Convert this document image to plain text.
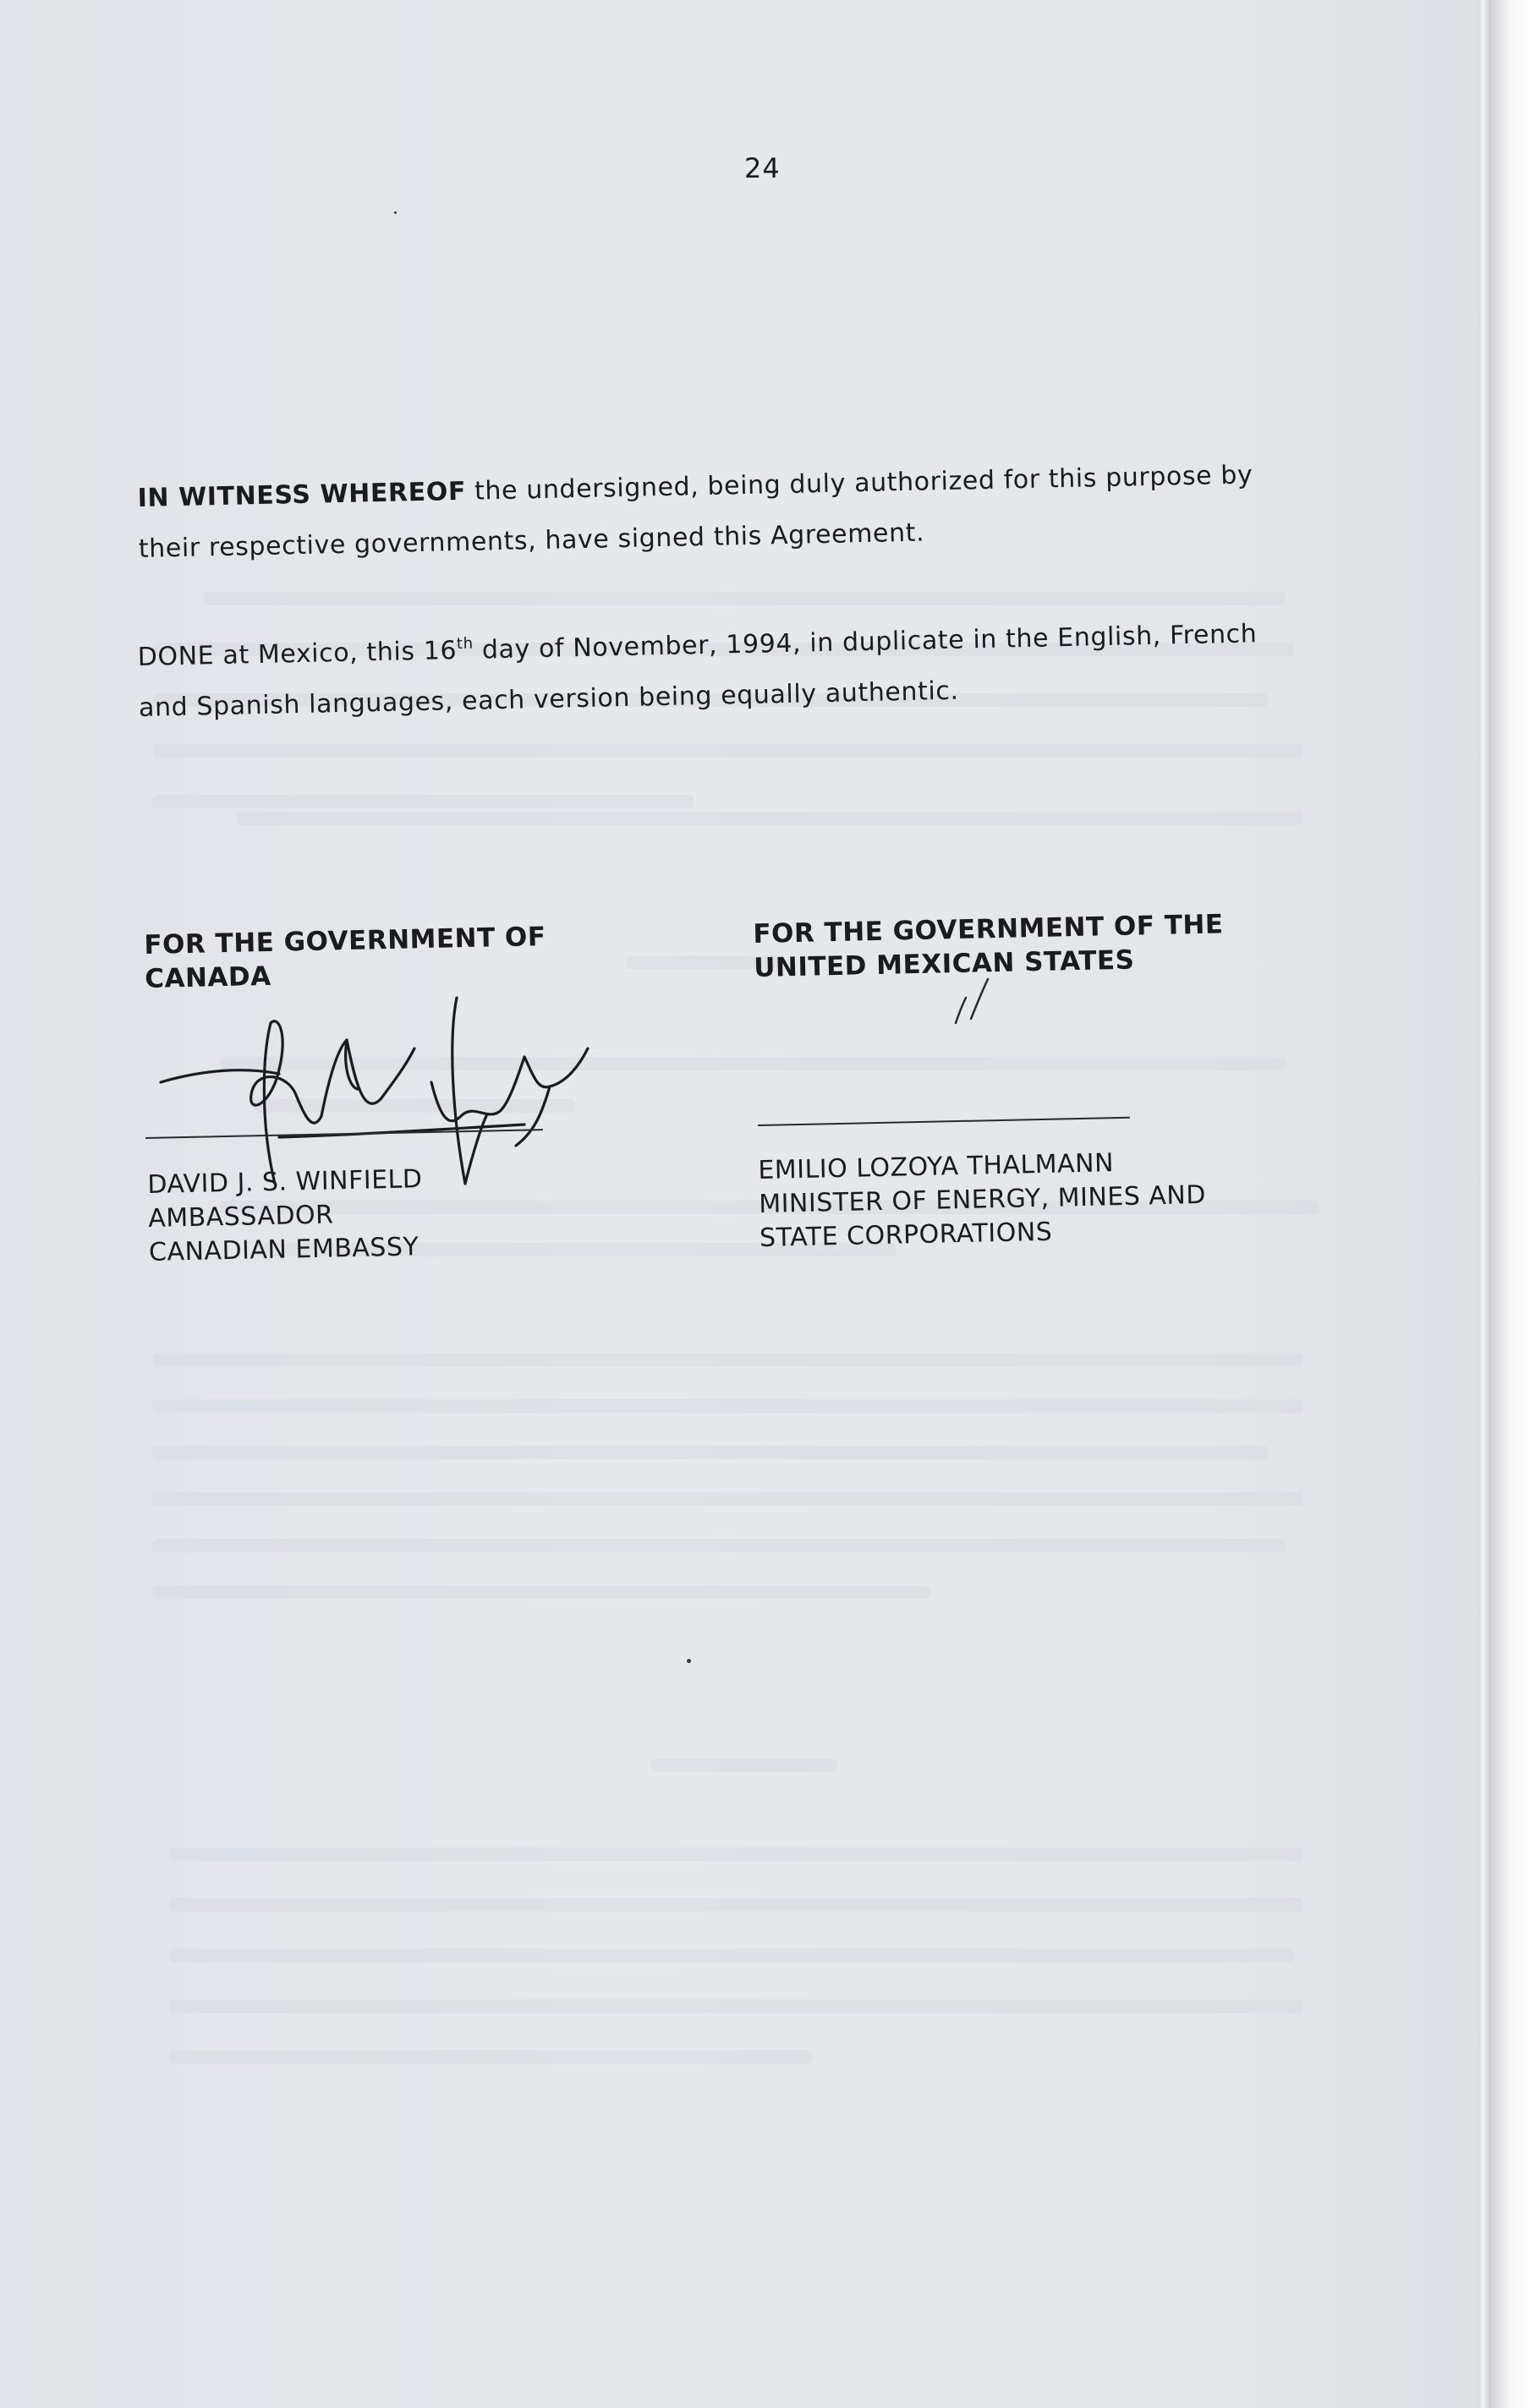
24
IN WITNESS WHEREOF the undersigned, being duly authorized for this purpose by their respective governments, have signed this Agreement.
DONE at Mexico, this 16th day of November, 1994, in duplicate in the English, French and Spanish languages, each version being equally authentic.
FOR THE GOVERNMENT OF CANADA
FOR THE GOVERNMENT OF THE UNITED MEXICAN STATES
DAVID J. S. WINFIELD
AMBASSADOR
CANADIAN EMBASSY
EMILIO LOZOYA THALMANN
MINISTER OF ENERGY, MINES AND
STATE CORPORATIONS
